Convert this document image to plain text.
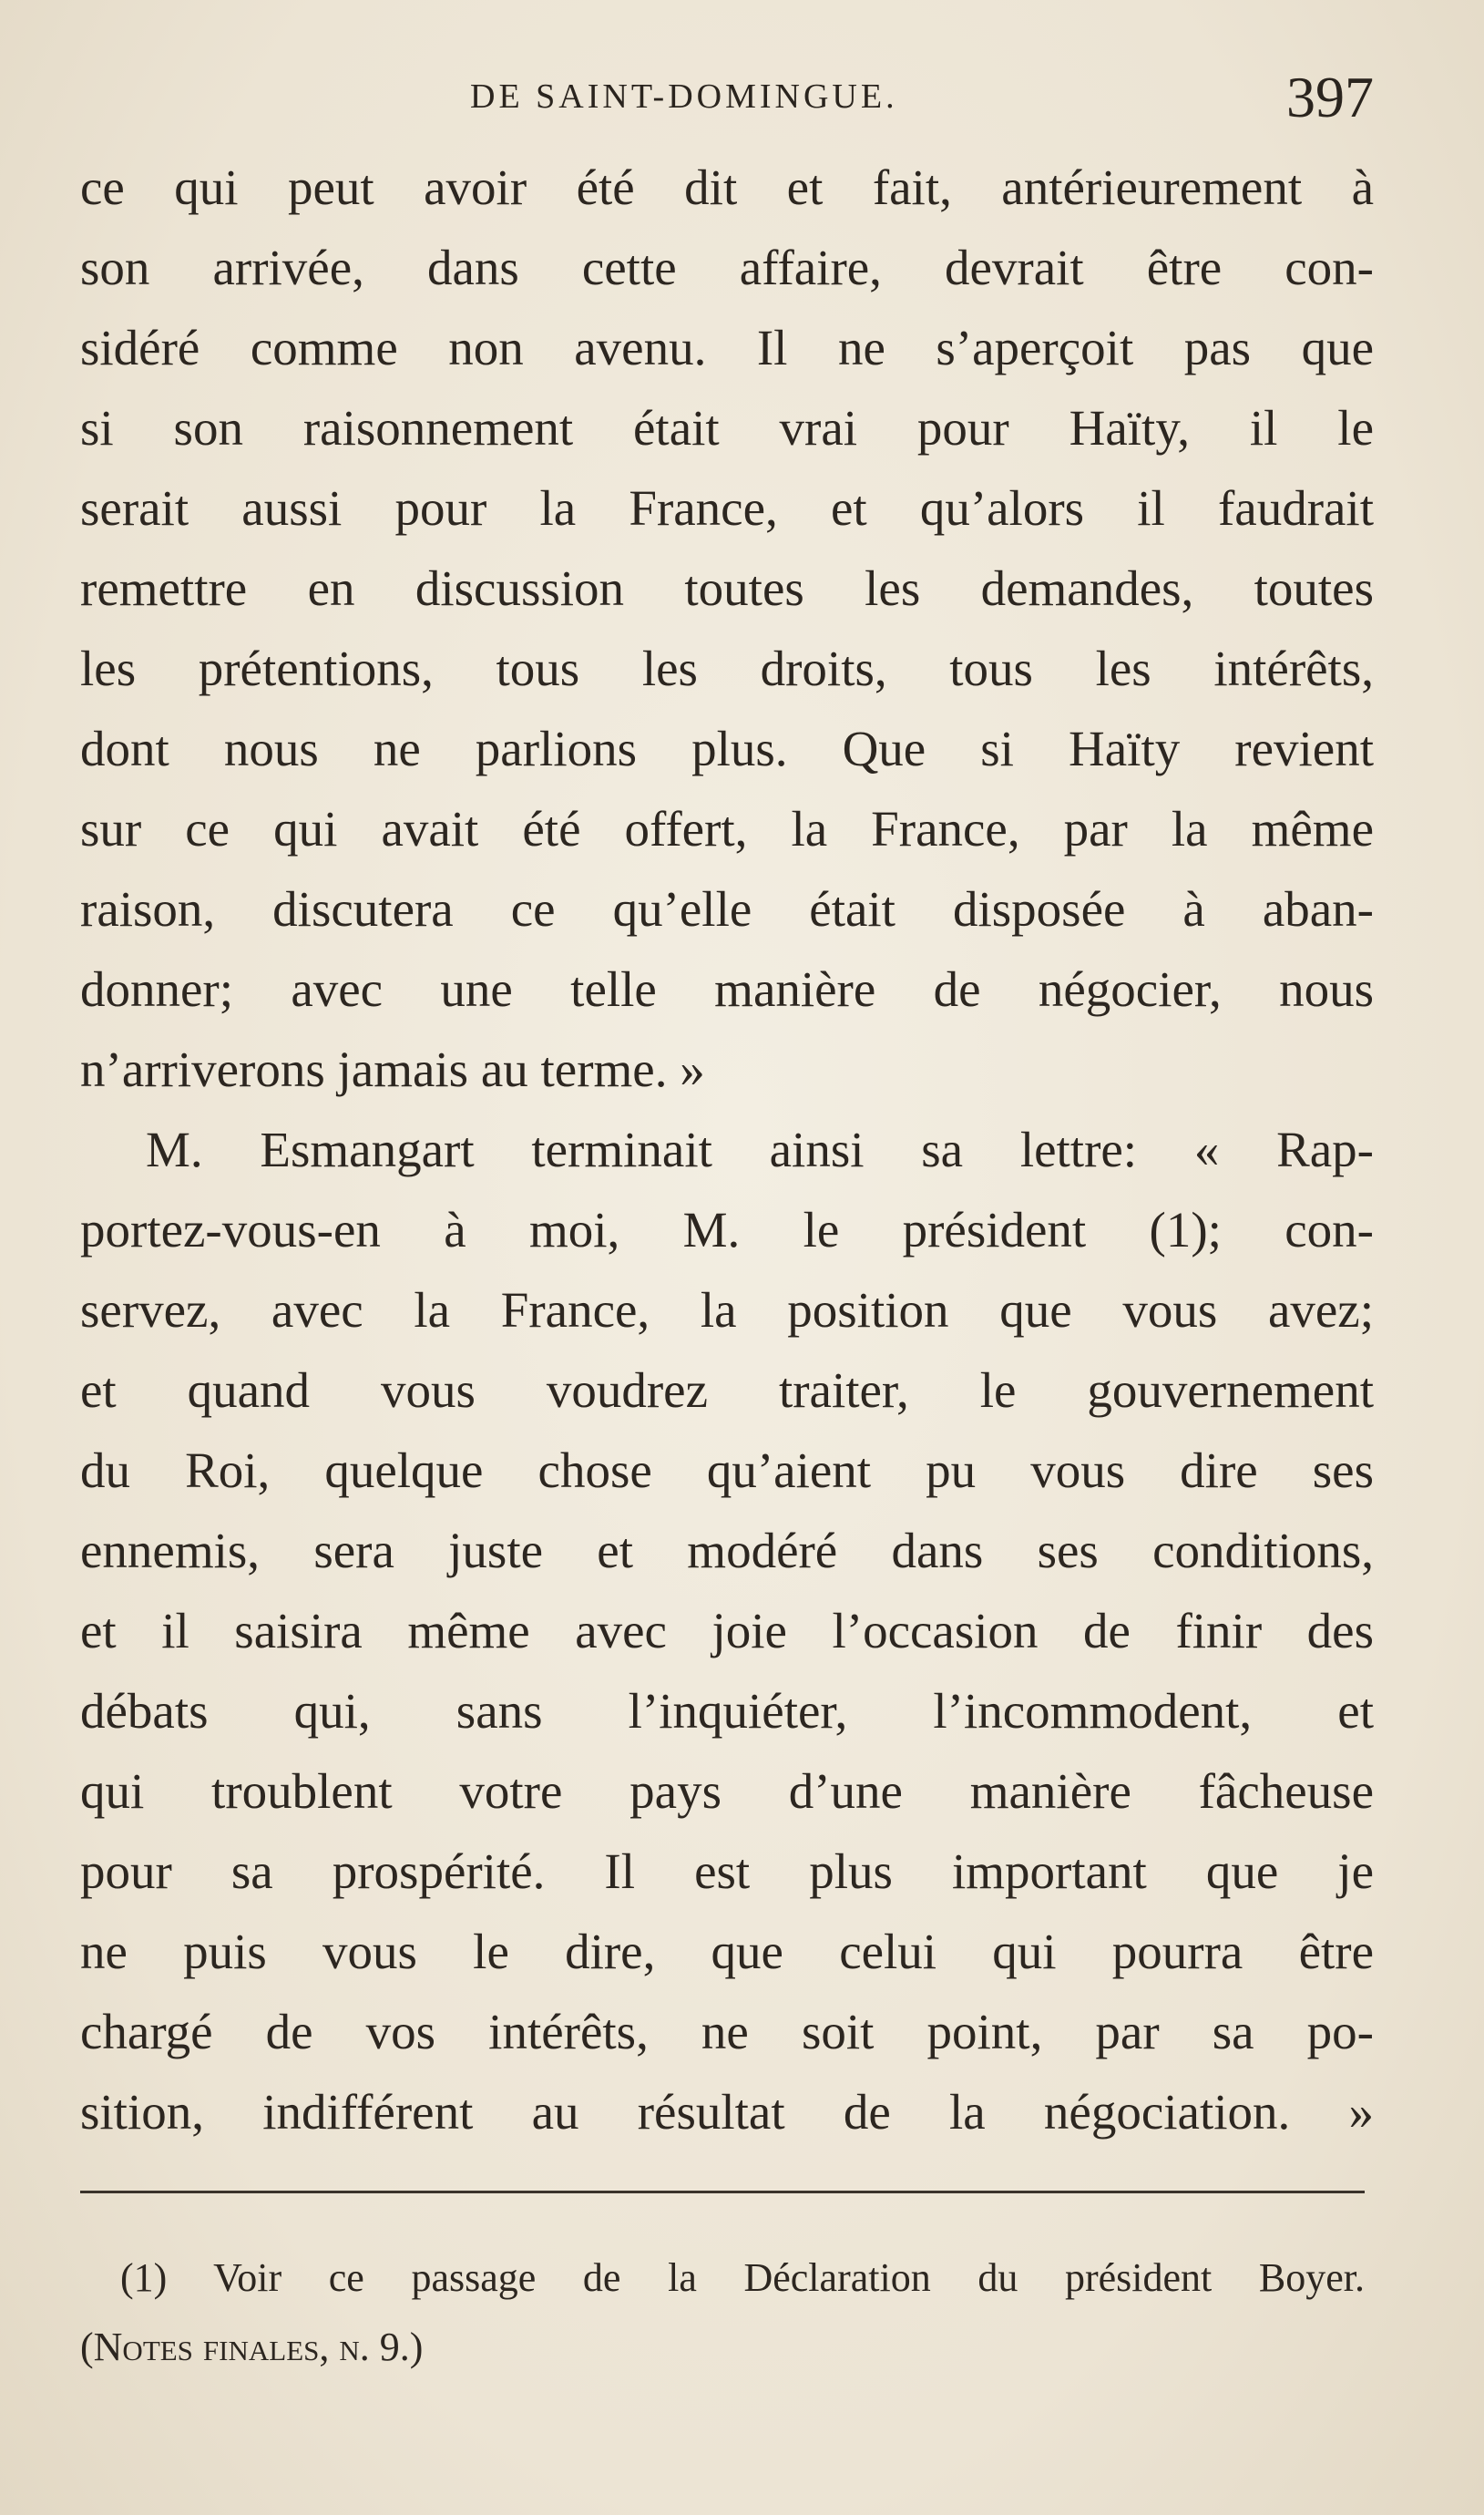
DE SAINT-DOMINGUE.	397
ce qui peut avoir été dit et fait, antérieurement à
son arrivée, dans cette affaire, devrait être con-
sidéré comme non avenu. Il ne s’aperçoit pas que
si son raisonnement était vrai pour Haïty, il le
serait aussi pour la France, et qu’alors il faudrait
remettre en discussion toutes les demandes, toutes
les prétentions, tous les droits, tous les intérêts,
dont nous ne parlions plus. Que si Haïty revient
sur ce qui avait été offert, la France, par la même
raison, discutera ce qu’elle était disposée à aban-
donner; avec une telle manière de négocier, nous
n’arriverons jamais au terme. »
M. Esmangart terminait ainsi sa lettre: « Rap-
portez-vous-en à moi, M. le président (1); con-
servez, avec la France, la position que vous avez;
et quand vous voudrez traiter, le gouvernement
du Roi, quelque chose qu’aient pu vous dire ses
ennemis, sera juste et modéré dans ses conditions,
et il saisira même avec joie l’occasion de finir des
débats qui, sans l’inquiéter, l’incommodent, et
qui troublent votre pays d’une manière fâcheuse
pour sa prospérité. Il est plus important que je
ne puis vous le dire, que celui qui pourra être
chargé de vos intérêts, ne soit point, par sa po-
sition, indifférent au résultat de la négociation. »
(1) Voir ce passage de la Déclaration du président Boyer.
(Notes finales, n. 9.)
